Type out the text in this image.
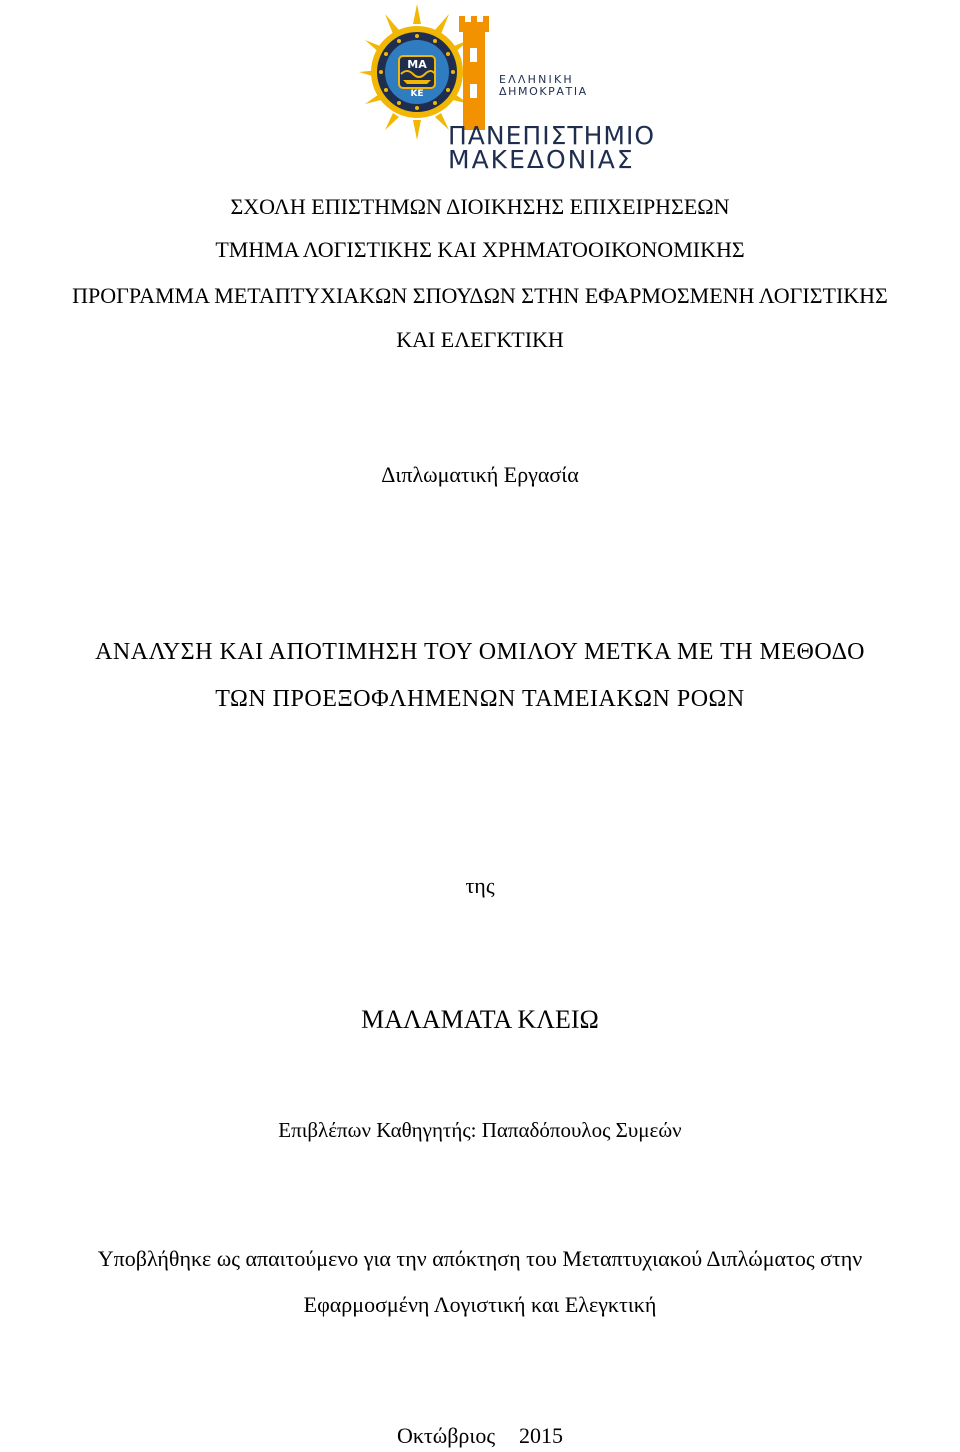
ΜΑ
ΚΕ
ΕΛΛΗΝΙΚΗ
ΔΗΜΟΚΡΑΤΙΑ
ΠΑΝΕΠΙΣΤΗΜΙΟ
ΜΑΚΕΔΟΝΙΑΣ
ΣΧΟΛΗ ΕΠΙΣΤΗΜΩΝ ΔΙΟΙΚΗΣΗΣ ΕΠΙΧΕΙΡΗΣΕΩΝ
ΤΜΗΜΑ ΛΟΓΙΣΤΙΚΗΣ ΚΑΙ ΧΡΗΜΑΤΟΟΙΚΟΝΟΜΙΚΗΣ
ΠΡΟΓΡΑΜΜΑ ΜΕΤΑΠΤΥΧΙΑΚΩΝ ΣΠΟΥΔΩΝ ΣΤΗΝ ΕΦΑΡΜΟΣΜΕΝΗ ΛΟΓΙΣΤΙΚΗΣ
ΚΑΙ ΕΛΕΓΚΤΙΚΗ
Διπλωματική Εργασία
ΑΝΑΛΥΣΗ ΚΑΙ ΑΠΟΤΙΜΗΣΗ ΤΟΥ ΟΜΙΛΟΥ ΜΕΤΚΑ ΜΕ ΤΗ ΜΕΘΟΔΟ
ΤΩΝ ΠΡΟΕΞΟΦΛΗΜΕΝΩΝ ΤΑΜΕΙΑΚΩΝ ΡΟΩΝ
της
ΜΑΛΑΜΑΤΑ ΚΛΕΙΩ
Επιβλέπων Καθηγητής: Παπαδόπουλος Συμεών
Υποβλήθηκε ως απαιτούμενο για την απόκτηση του Μεταπτυχιακού Διπλώματος στην
Εφαρμοσμένη Λογιστική και Ελεγκτική
Οκτώβριος 2015
